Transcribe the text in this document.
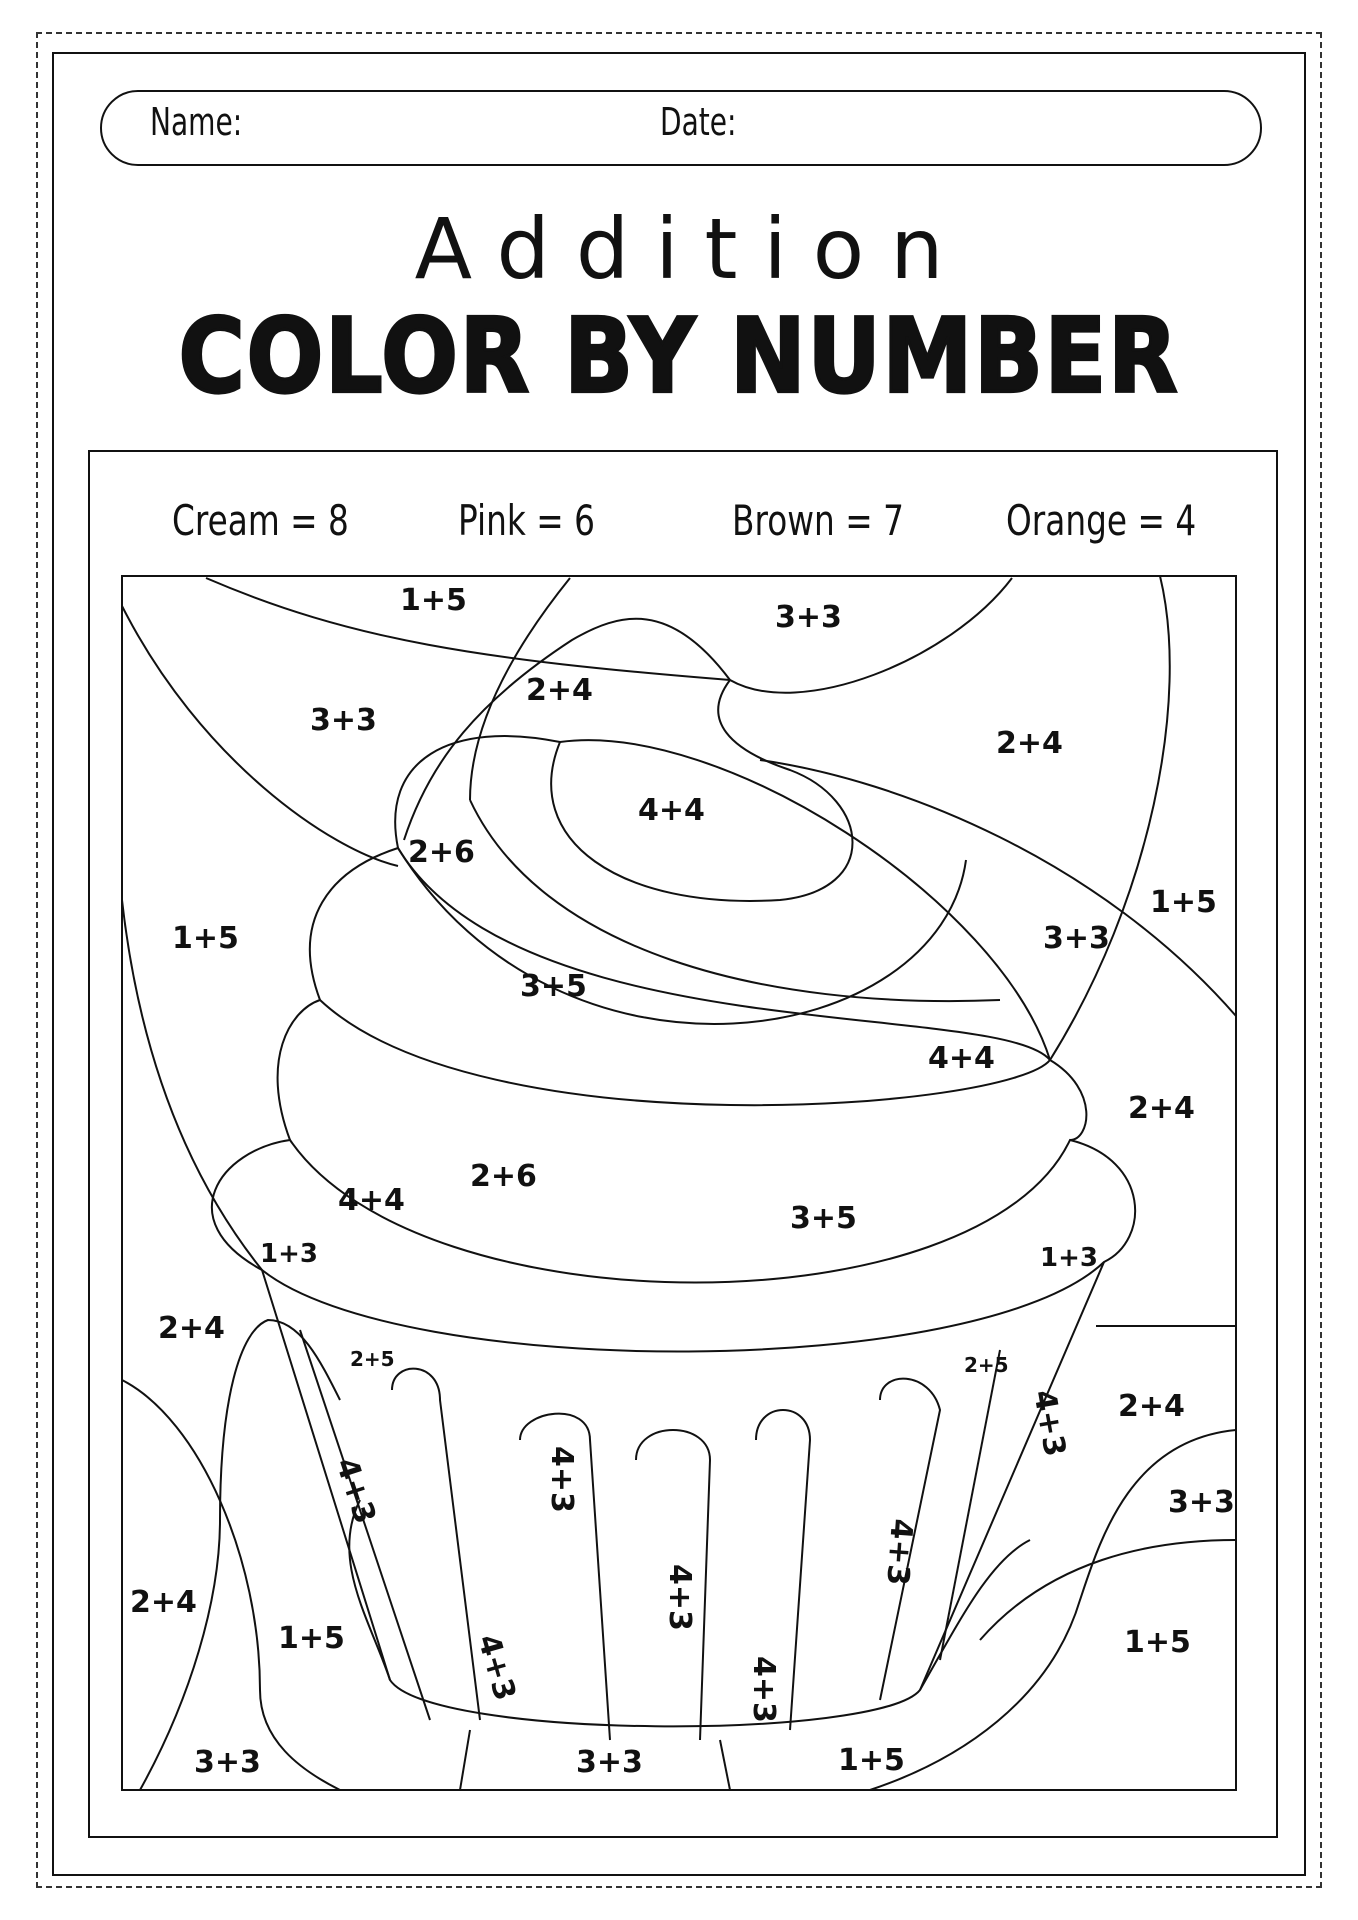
Name:	Date:
Addition
COLOR BY NUMBER
Cream = 8	Pink = 6	Brown = 7 Orange = 4
1+5	3+3
2+4
3+3
2+4
4+4
2+6
1+5	3+3
1+5
3+5
4+4
2+4
2+6
4+4
3+5
1+3	1+3
2+4
2+5	2+5
4+3 2+4
4+3	4+3
4+3
3+3
2+4
1+5
4+3
1+5
4+3	4+3
3+3	3+3	1+5
